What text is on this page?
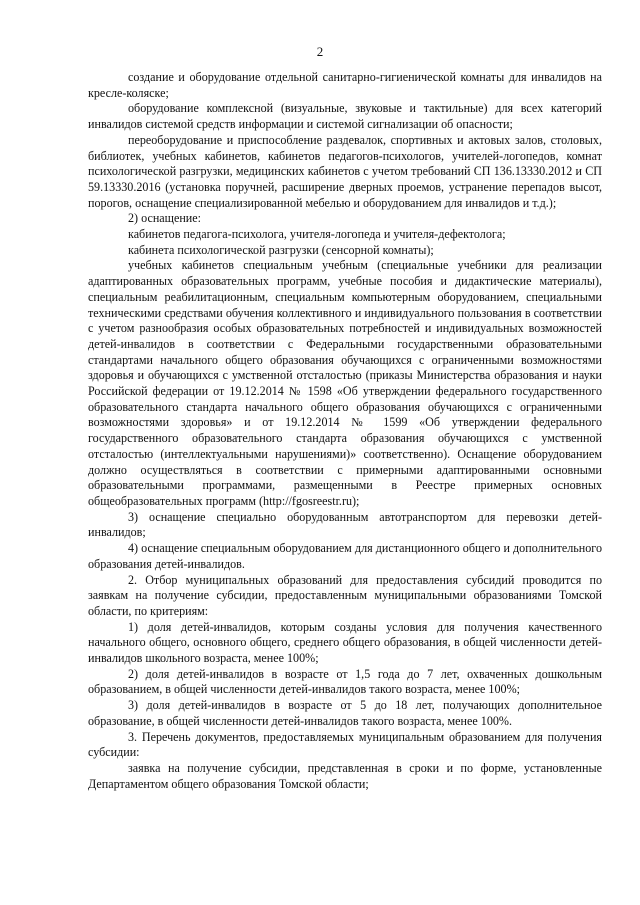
2

создание и оборудование отдельной санитарно-гигиенической комнаты для инвалидов на кресле-коляске;

оборудование комплексной (визуальные, звуковые и тактильные) для всех категорий инвалидов системой средств информации и системой сигнализации об опасности;

переоборудование и приспособление раздевалок, спортивных и актовых залов, столовых, библиотек, учебных кабинетов, кабинетов педагогов-психологов, учителей-логопедов, комнат психологической разгрузки, медицинских кабинетов с учетом требований СП 136.13330.2012 и СП 59.13330.2016 (установка поручней, расширение дверных проемов, устранение перепадов высот, порогов, оснащение специализированной мебелью и оборудованием для инвалидов и т.д.);

2) оснащение:

кабинетов педагога-психолога, учителя-логопеда и учителя-дефектолога;

кабинета психологической разгрузки (сенсорной комнаты);

учебных кабинетов специальным учебным (специальные учебники для реализации адаптированных образовательных программ, учебные пособия и дидактические материалы), специальным реабилитационным, специальным компьютерным оборудованием, специальными техническими средствами обучения коллективного и индивидуального пользования в соответствии с учетом разнообразия особых образовательных потребностей и индивидуальных возможностей детей-инвалидов в соответствии с Федеральными государственными образовательными стандартами начального общего образования обучающихся с ограниченными возможностями здоровья и обучающихся с умственной отсталостью (приказы Министерства образования и науки Российской федерации от 19.12.2014 № 1598 «Об утверждении федерального государственного образовательного стандарта начального общего образования обучающихся с ограниченными возможностями здоровья» и от 19.12.2014 № 1599 «Об утверждении федерального государственного образовательного стандарта образования обучающихся с умственной отсталостью (интеллектуальными нарушениями)» соответственно). Оснащение оборудованием должно осуществляться в соответствии с примерными адаптированными основными образовательными программами, размещенными в Реестре примерных основных общеобразовательных программ (http://fgosreestr.ru);

3) оснащение специально оборудованным автотранспортом для перевозки детей-инвалидов;

4) оснащение специальным оборудованием для дистанционного общего и дополнительного образования детей-инвалидов.

2. Отбор муниципальных образований для предоставления субсидий проводится по заявкам на получение субсидии, предоставленным муниципальными образованиями Томской области, по критериям:

1) доля детей-инвалидов, которым созданы условия для получения качественного начального общего, основного общего, среднего общего образования, в общей численности детей-инвалидов школьного возраста, менее 100%;

2) доля детей-инвалидов в возрасте от 1,5 года до 7 лет, охваченных дошкольным образованием, в общей численности детей-инвалидов такого возраста, менее 100%;

3) доля детей-инвалидов в возрасте от 5 до 18 лет, получающих дополнительное образование, в общей численности детей-инвалидов такого возраста, менее 100%.

3. Перечень документов, предоставляемых муниципальным образованием для получения субсидии:

заявка на получение субсидии, представленная в сроки и по форме, установленные Департаментом общего образования Томской области;
